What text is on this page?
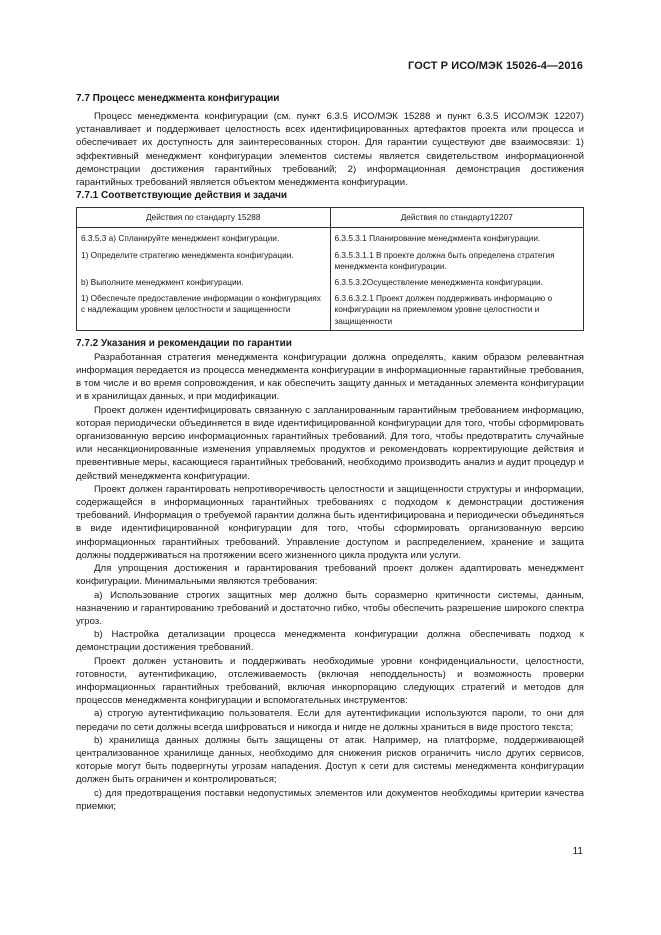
ГОСТ Р ИСО/МЭК 15026-4—2016
7.7 Процесс менеджмента конфигурации

Процесс менеджмента конфигурации (см. пункт 6.3.5 ИСО/МЭК 15288 и пункт 6.3.5 ИСО/МЭК 12207) устанавливает и поддерживает целостность всех идентифицированных артефактов проекта или процесса и обеспечивает их доступность для заинтересованных сторон. Для гарантии существуют две взаимосвязи: 1) эффективный менеджмент конфигурации элементов системы является свидетельством информационной демонстрации достижения гарантийных требований; 2) информационная демонстрация достижения гарантийных требований является объектом менеджмента конфигурации.

7.7.1 Соответствующие действия и задачи
Действия по стандарту 15288	Действия по стандарту12207

6.3.5.3 а) Спланируйте менеджмент конфигурации.	6.3.5.3.1 Планирование менеджмента конфигурации.
1) Определите стратегию менеджмента конфигурации.	6.3.5.3.1.1 В проекте должна быть определена стратегия менеджмента конфигурации.
b) Выполните менеджмент конфигурации.	6.3.5.3.2Осуществление менеджмента конфигурации.
1) Обеспечьте предоставление информации о конфигурациях с надлежащим уровнем целостности и защищенности	6.3.6.3.2.1 Проект должен поддерживать информацию о конфигурации на приемлемом уровне целостности и защищенности
7.7.2 Указания и рекомендации по гарантии

Разработанная стратегия менеджмента конфигурации должна определять, каким образом релевантная информация передается из процесса менеджмента конфигурации в информационные гарантийные требования, в том числе и во время сопровождения, и как обеспечить защиту данных и метаданных элемента конфигурации и в хранилищах данных, и при модификации.

Проект должен идентифицировать связанную с запланированным гарантийным требованием информацию, которая периодически объединяется в виде идентифицированной конфигурации для того, чтобы сформировать организованную версию информационных гарантийных требований. Для того, чтобы предотвратить случайные или несанкционированные изменения управляемых продуктов и рекомендовать корректирующие действия и превентивные меры, касающиеся гарантийных требований, необходимо производить анализ и аудит процедур и действий менеджмента конфигурации.

Проект должен гарантировать непротиворечивость целостности и защищенности структуры и информации, содержащейся в информационных гарантийных требованиях с подходом к демонстрации достижения требований. Информация о требуемой гарантии должна быть идентифицирована и периодически объединяться в виде идентифицированной конфигурации для того, чтобы сформировать организованную версию информационных гарантийных требований. Управление доступом и распределением, хранение и защита должны поддерживаться на протяжении всего жизненного цикла продукта или услуги.

Для упрощения достижения и гарантирования требований проект должен адаптировать менеджмент конфигурации. Минимальными являются требования:

a) Использование строгих защитных мер должно быть соразмерно критичности системы, данным, назначению и гарантированию требований и достаточно гибко, чтобы обеспечить разрешение широкого спектра угроз.

b) Настройка детализации процесса менеджмента конфигурации должна обеспечивать подход к демонстрации достижения требований.

Проект должен установить и поддерживать необходимые уровни конфиденциальности, целостности, готовности, аутентификацию, отслеживаемость (включая неподдельность) и возможность проверки информационных гарантийных требований, включая инкорпорацию следующих стратегий и методов для процессов менеджмента конфигурации и вспомогательных инструментов:

a) строгую аутентификацию пользователя. Если для аутентификации используются пароли, то они для передачи по сети должны всегда шифроваться и никогда и нигде не должны храниться в виде простого текста;

b) хранилища данных должны быть защищены от атак. Например, на платформе, поддерживающей централизованное хранилище данных, необходимо для снижения рисков ограничить число других сервисов, которые могут быть подвергнуты угрозам нападения. Доступ к сети для системы менеджмента конфигурации должен быть ограничен и контролироваться;

c) для предотвращения поставки недопустимых элементов или документов необходимы критерии качества приемки;

11
